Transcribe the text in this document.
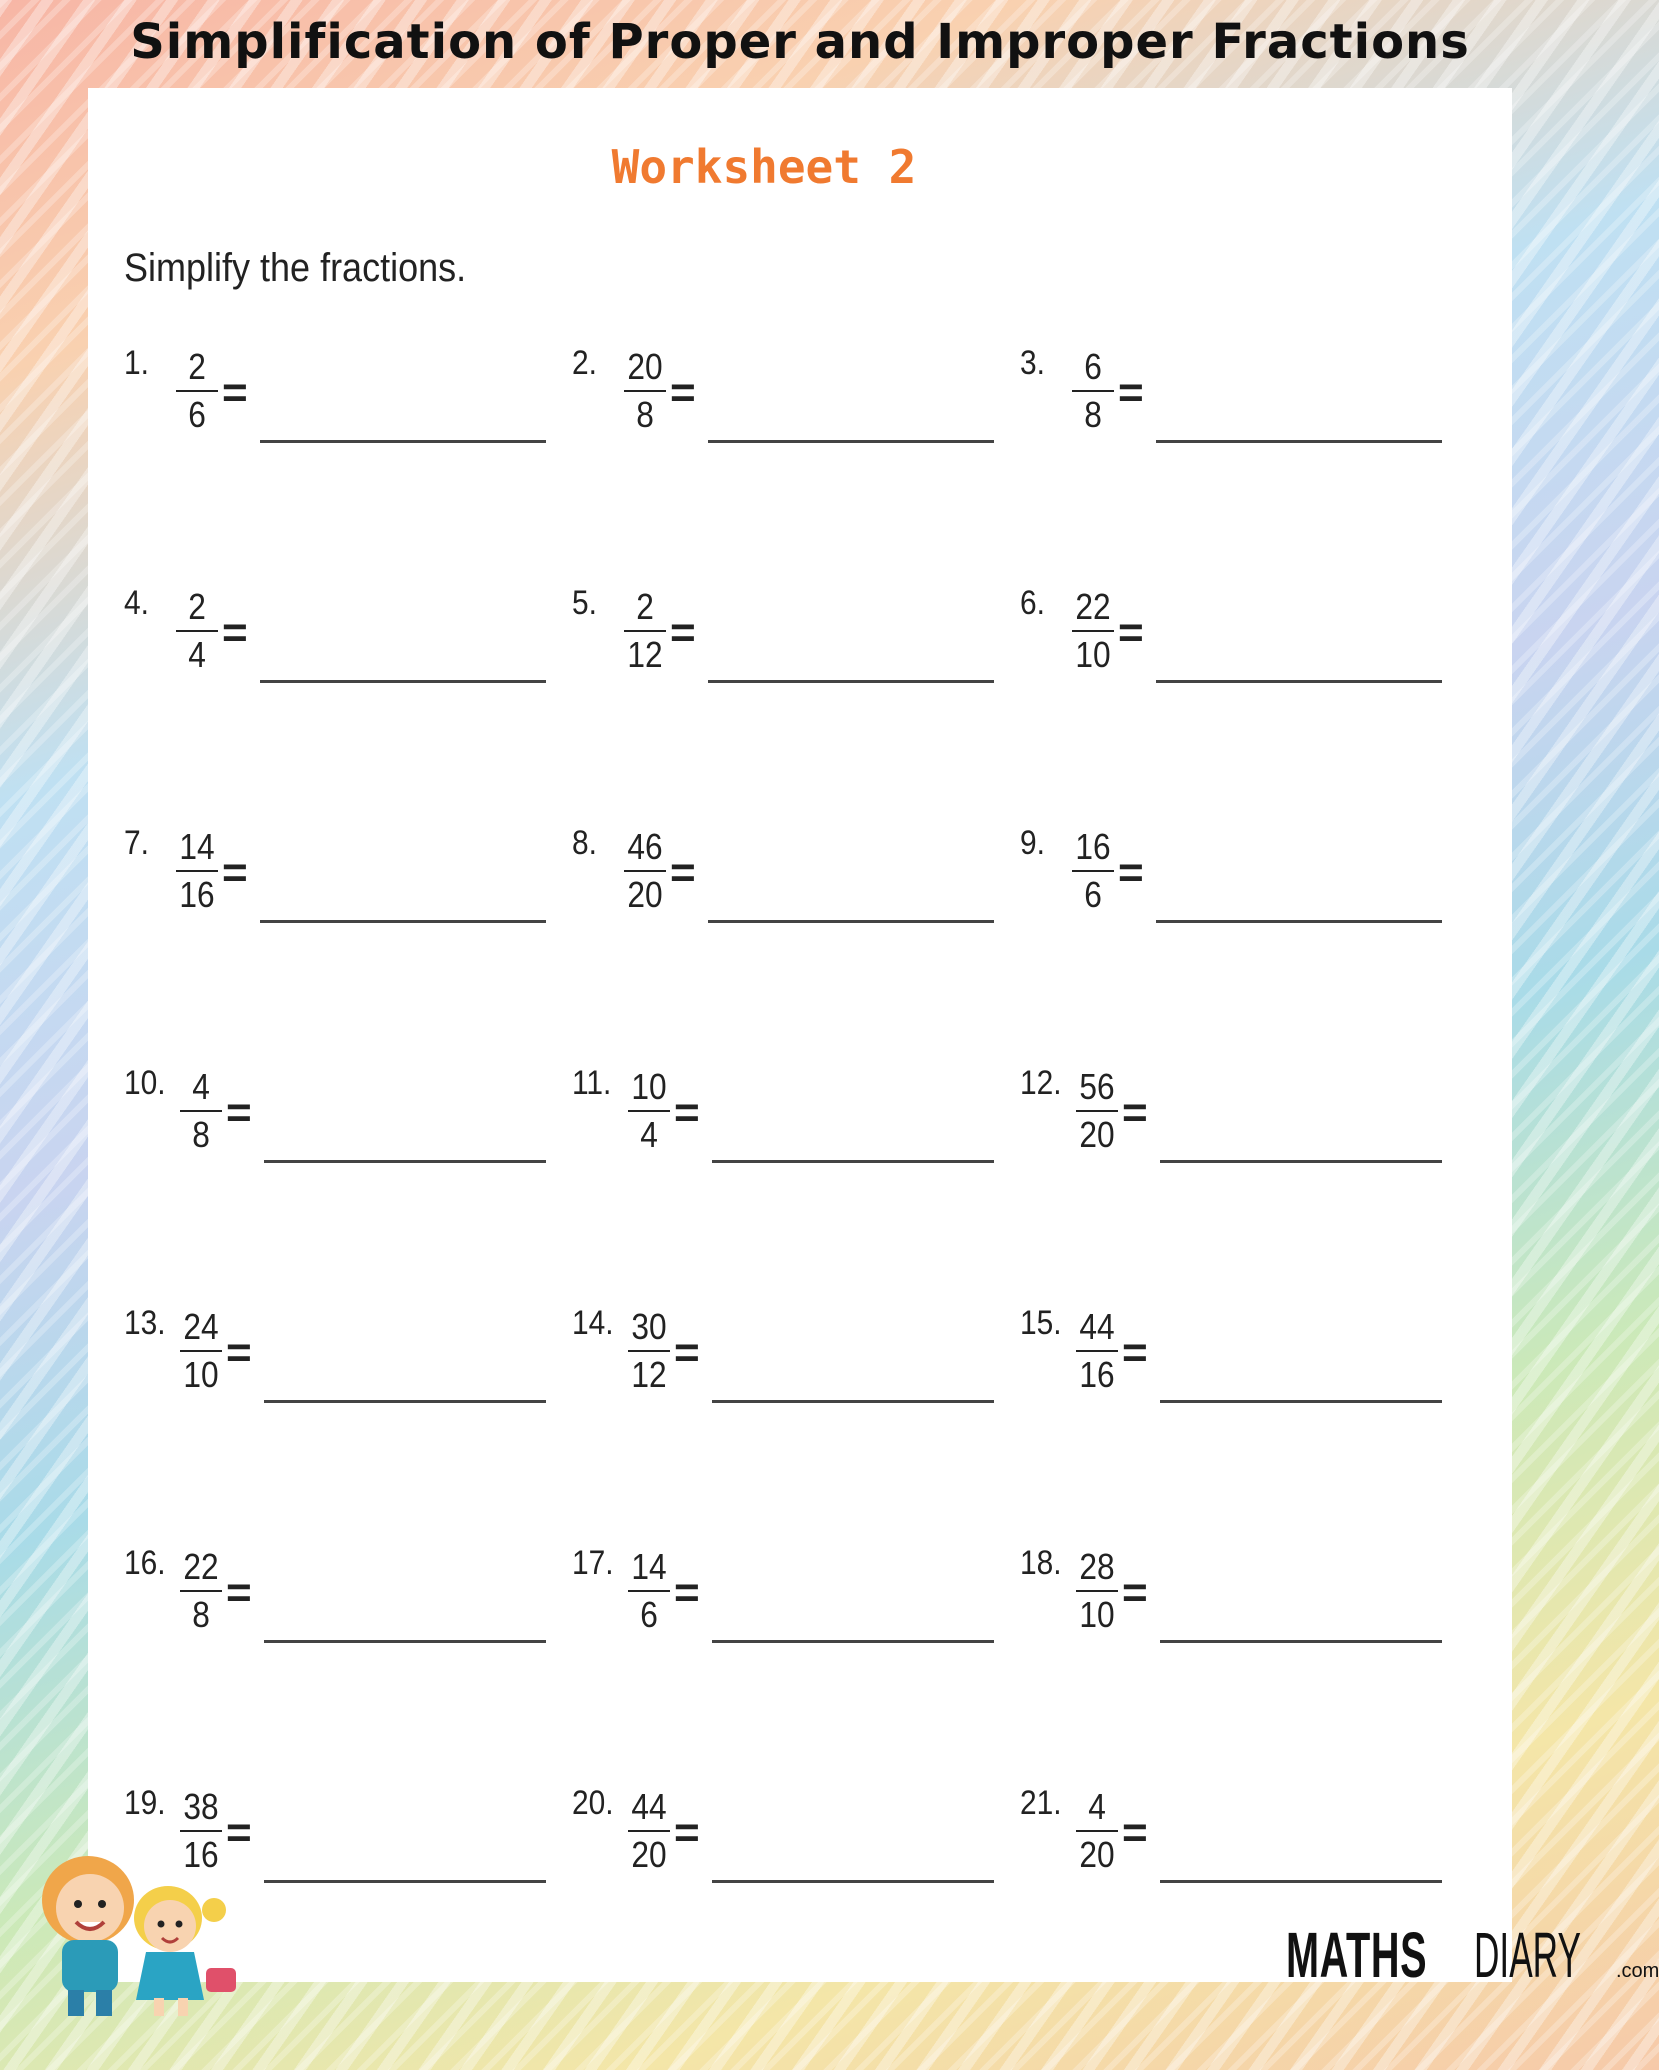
Simplification of Proper and Improper Fractions
Worksheet 2
Simplify the fractions.
1. 2
6 =
2. 20
8 =
3. 6
8 =
4. 2
4 =
5. 2
12 =
6. 22
10 =
7. 14
16 =
8. 46
20 =
9. 16
6 =
10. 4
8 =
11. 10
4 =
12. 56
20 =
13. 24
10 =
14. 30
12 =
15. 44
16 =
16. 22
8 =
17. 14
6 =
18. 28
10 =
19. 38
16 =
20. 44
20 =
21. 4
20 =
MATHS DIARY .com
